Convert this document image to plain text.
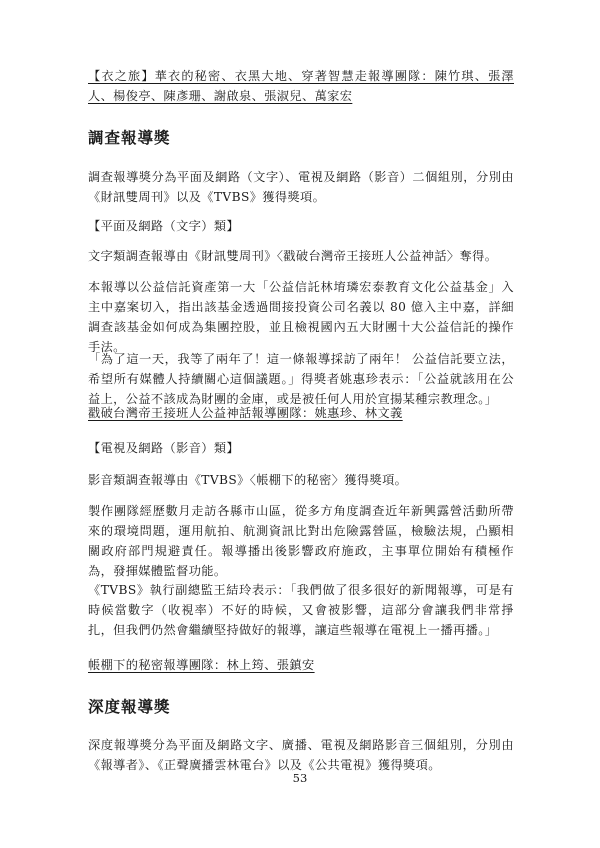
【衣之旅】華衣的秘密、衣黑大地、穿著智慧走報導團隊：陳竹琪、張澤人、楊俊亭、陳彥珊、謝啟泉、張淑兒、萬家宏

調查報導獎

調查報導獎分為平面及網路（文字）、電視及網路（影音）二個組別，分別由《財訊雙周刊》以及《TVBS》獲得獎項。

【平面及網路（文字）類】

文字類調查報導由《財訊雙周刊》〈戳破台灣帝王接班人公益神話〉奪得。

本報導以公益信託資產第一大「公益信託林堉璘宏泰教育文化公益基金」入主中嘉案切入，指出該基金透過間接投資公司名義以 80 億入主中嘉，詳細調查該基金如何成為集團控股，並且檢視國內五大財團十大公益信託的操作手法。

「為了這一天，我等了兩年了！這一條報導採訪了兩年！ 公益信託要立法，希望所有媒體人持續關心這個議題。」得獎者姚惠珍表示：「公益就該用在公益上，公益不該成為財團的金庫，或是被任何人用於宣揚某種宗教理念。」

戳破台灣帝王接班人公益神話報導團隊：姚惠珍、林文義

【電視及網路（影音）類】

影音類調查報導由《TVBS》〈帳棚下的秘密〉獲得獎項。

製作團隊經歷數月走訪各縣市山區，從多方角度調查近年新興露營活動所帶來的環境問題，運用航拍、航測資訊比對出危險露營區，檢驗法規，凸顯相關政府部門規避責任。報導播出後影響政府施政，主事單位開始有積極作為，發揮媒體監督功能。

《TVBS》執行副總監王結玲表示：「我們做了很多很好的新聞報導，可是有時候當數字（收視率）不好的時候，又會被影響，這部分會讓我們非常掙扎，但我們仍然會繼續堅持做好的報導，讓這些報導在電視上一播再播。」

帳棚下的秘密報導團隊：林上筠、張鎮安

深度報導獎

深度報導獎分為平面及網路文字、廣播、電視及網路影音三個組別，分別由《報導者》、《正聲廣播雲林電台》以及《公共電視》獲得獎項。

53
